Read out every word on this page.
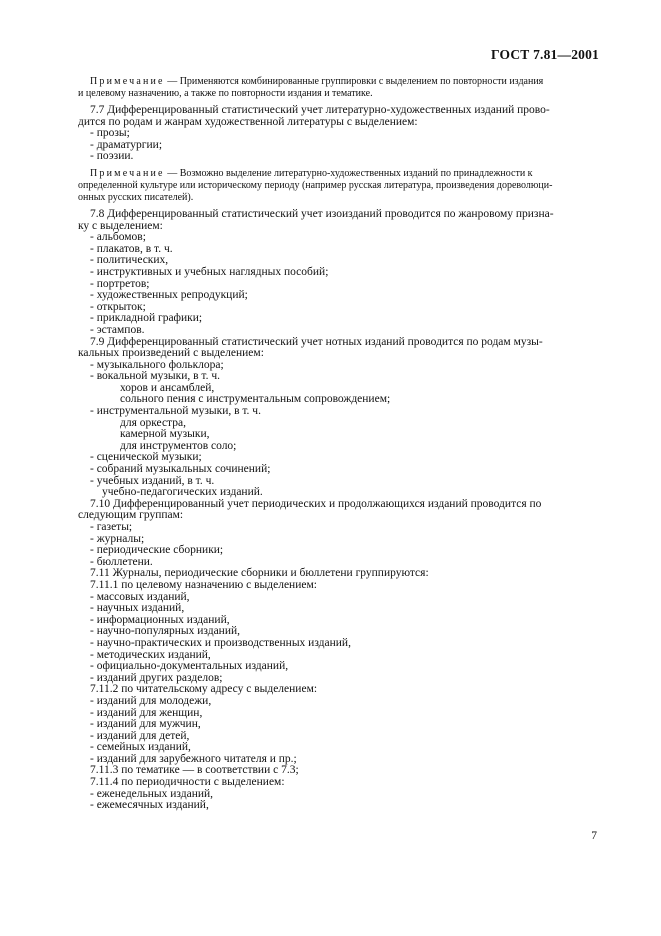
ГОСТ 7.81—2001
Примечание — Применяются комбинированные группировки с выделением по повторности издания
и целевому назначению, а также по повторности издания и тематике.
7.7 Дифференцированный статистический учет литературно-художественных изданий прово-
дится по родам и жанрам художественной литературы с выделением:
- прозы;
- драматургии;
- поэзии.
Примечание — Возможно выделение литературно-художественных изданий по принадлежности к
определенной культуре или историческому периоду (например русская литература, произведения дореволюци-
онных русских писателей).
7.8 Дифференцированный статистический учет изоизданий проводится по жанровому призна-
ку с выделением:
- альбомов;
- плакатов, в т. ч.
- политических,
- инструктивных и учебных наглядных пособий;
- портретов;
- художественных репродукций;
- открыток;
- прикладной графики;
- эстампов.
7.9 Дифференцированный статистический учет нотных изданий проводится по родам музы-
кальных произведений с выделением:
- музыкального фольклора;
- вокальной музыки, в т. ч.
хоров и ансамблей,
сольного пения с инструментальным сопровождением;
- инструментальной музыки, в т. ч.
для оркестра,
камерной музыки,
для инструментов соло;
- сценической музыки;
- собраний музыкальных сочинений;
- учебных изданий, в т. ч.
учебно-педагогических изданий.
7.10 Дифференцированный учет периодических и продолжающихся изданий проводится по
следующим группам:
- газеты;
- журналы;
- периодические сборники;
- бюллетени.
7.11 Журналы, периодические сборники и бюллетени группируются:
7.11.1 по целевому назначению с выделением:
- массовых изданий,
- научных изданий,
- информационных изданий,
- научно-популярных изданий,
- научно-практических и производственных изданий,
- методических изданий,
- официально-документальных изданий,
- изданий других разделов;
7.11.2 по читательскому адресу с выделением:
- изданий для молодежи,
- изданий для женщин,
- изданий для мужчин,
- изданий для детей,
- семейных изданий,
- изданий для зарубежного читателя и пр.;
7.11.3 по тематике — в соответствии с 7.3;
7.11.4 по периодичности с выделением:
- еженедельных изданий,
- ежемесячных изданий,
7
